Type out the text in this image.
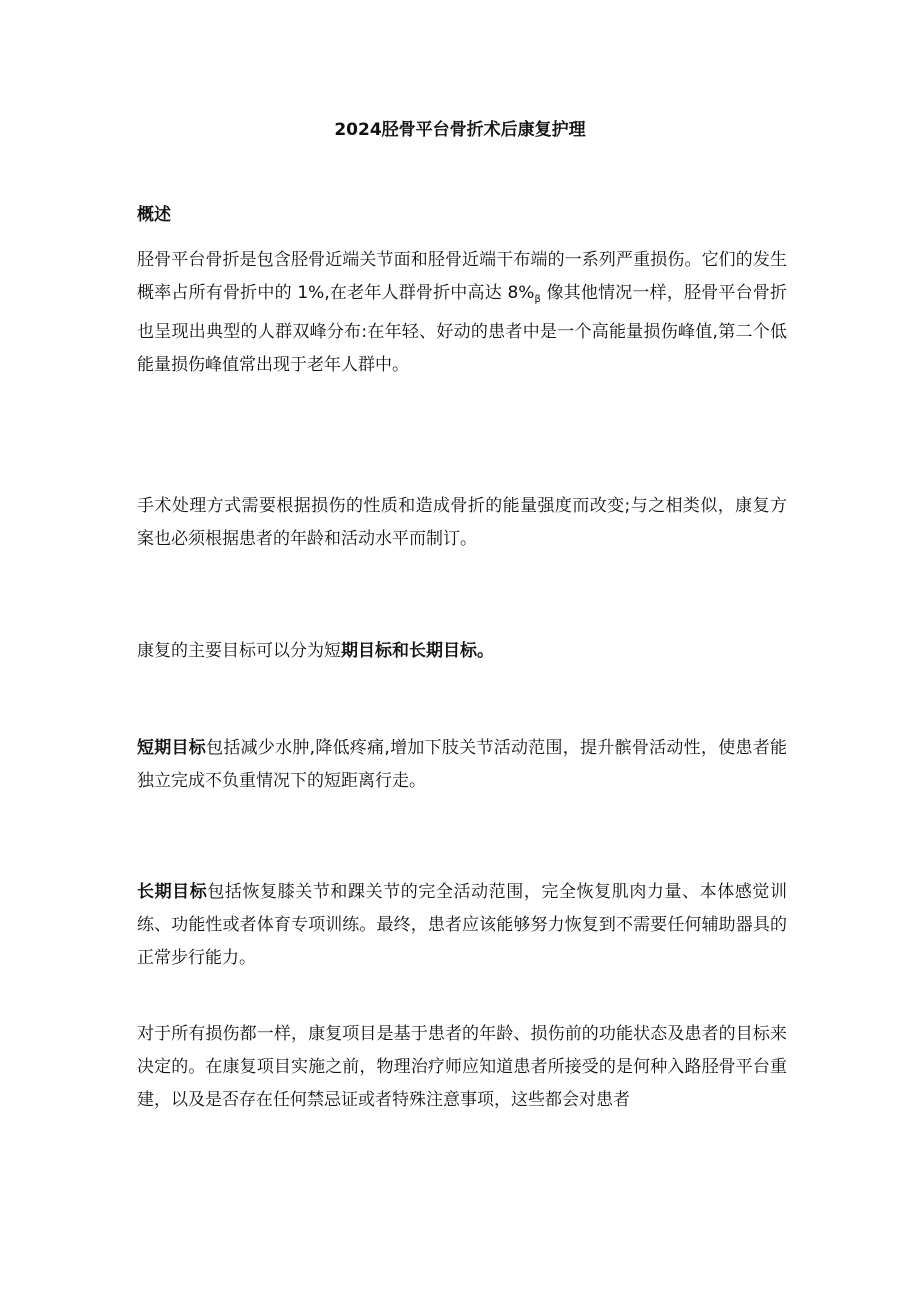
2024胫骨平台骨折术后康复护理
概述

胫骨平台骨折是包含胫骨近端关节面和胫骨近端干布端的一系列严重损伤。它们的发生概率占所有骨折中的 1%,在老年人群骨折中高达 $8\%_\beta$ 像其他情况一样，胫骨平台骨折也呈现出典型的人群双峰分布:在年轻、好动的患者中是一个高能量损伤峰值,第二个低能量损伤峰值常出现于老年人群中。

手术处理方式需要根据损伤的性质和造成骨折的能量强度而改变;与之相类似，康复方案也必须根据患者的年龄和活动水平而制订。

康复的主要目标可以分为短期目标和长期目标。

短期目标包括减少水肿,降低疼痛,增加下肢关节活动范围，提升髌骨活动性，使患者能独立完成不负重情况下的短距离行走。

长期目标包括恢复膝关节和踝关节的完全活动范围，完全恢复肌肉力量、本体感觉训练、功能性或者体育专项训练。最终，患者应该能够努力恢复到不需要任何辅助器具的正常步行能力。

对于所有损伤都一样，康复项目是基于患者的年龄、损伤前的功能状态及患者的目标来决定的。在康复项目实施之前，物理治疗师应知道患者所接受的是何种入路胫骨平台重建，以及是否存在任何禁忌证或者特殊注意事项，这些都会对患者
